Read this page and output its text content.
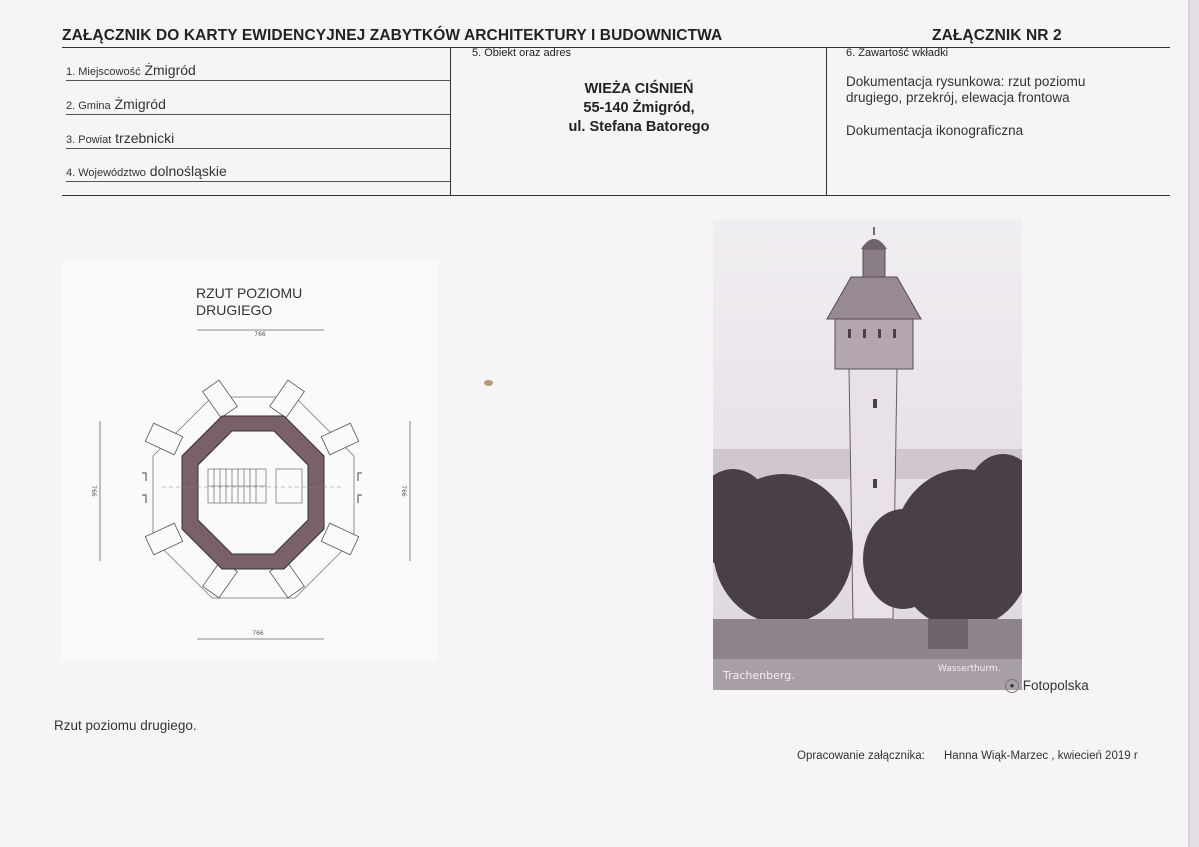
ZAŁĄCZNIK DO KARTY EWIDENCYJNEJ ZABYTKÓW ARCHITEKTURY I BUDOWNICTWA	ZAŁĄCZNIK NR 2
1. Miejscowość Żmigród
2. Gmina Żmigród
3. Powiat trzebnicki
4. Województwo dolnośląskie
5. Obiekt oraz adres
WIEŻA CIŚNIEŃ
55-140 Żmigród,
ul. Stefana Batorego
6. Zawartość wkładki
Dokumentacja rysunkowa: rzut poziomu
drugiego, przekrój, elewacja frontowa
Dokumentacja ikonograficzna
766
766
766	766
RZUT POZIOMU
DRUGIEGO
Trachenberg.	Wasserthurm.
● Fotopolska
Rzut poziomu drugiego.
Opracowanie załącznika: Hanna Wiąk-Marzec , kwiecień 2019 r
